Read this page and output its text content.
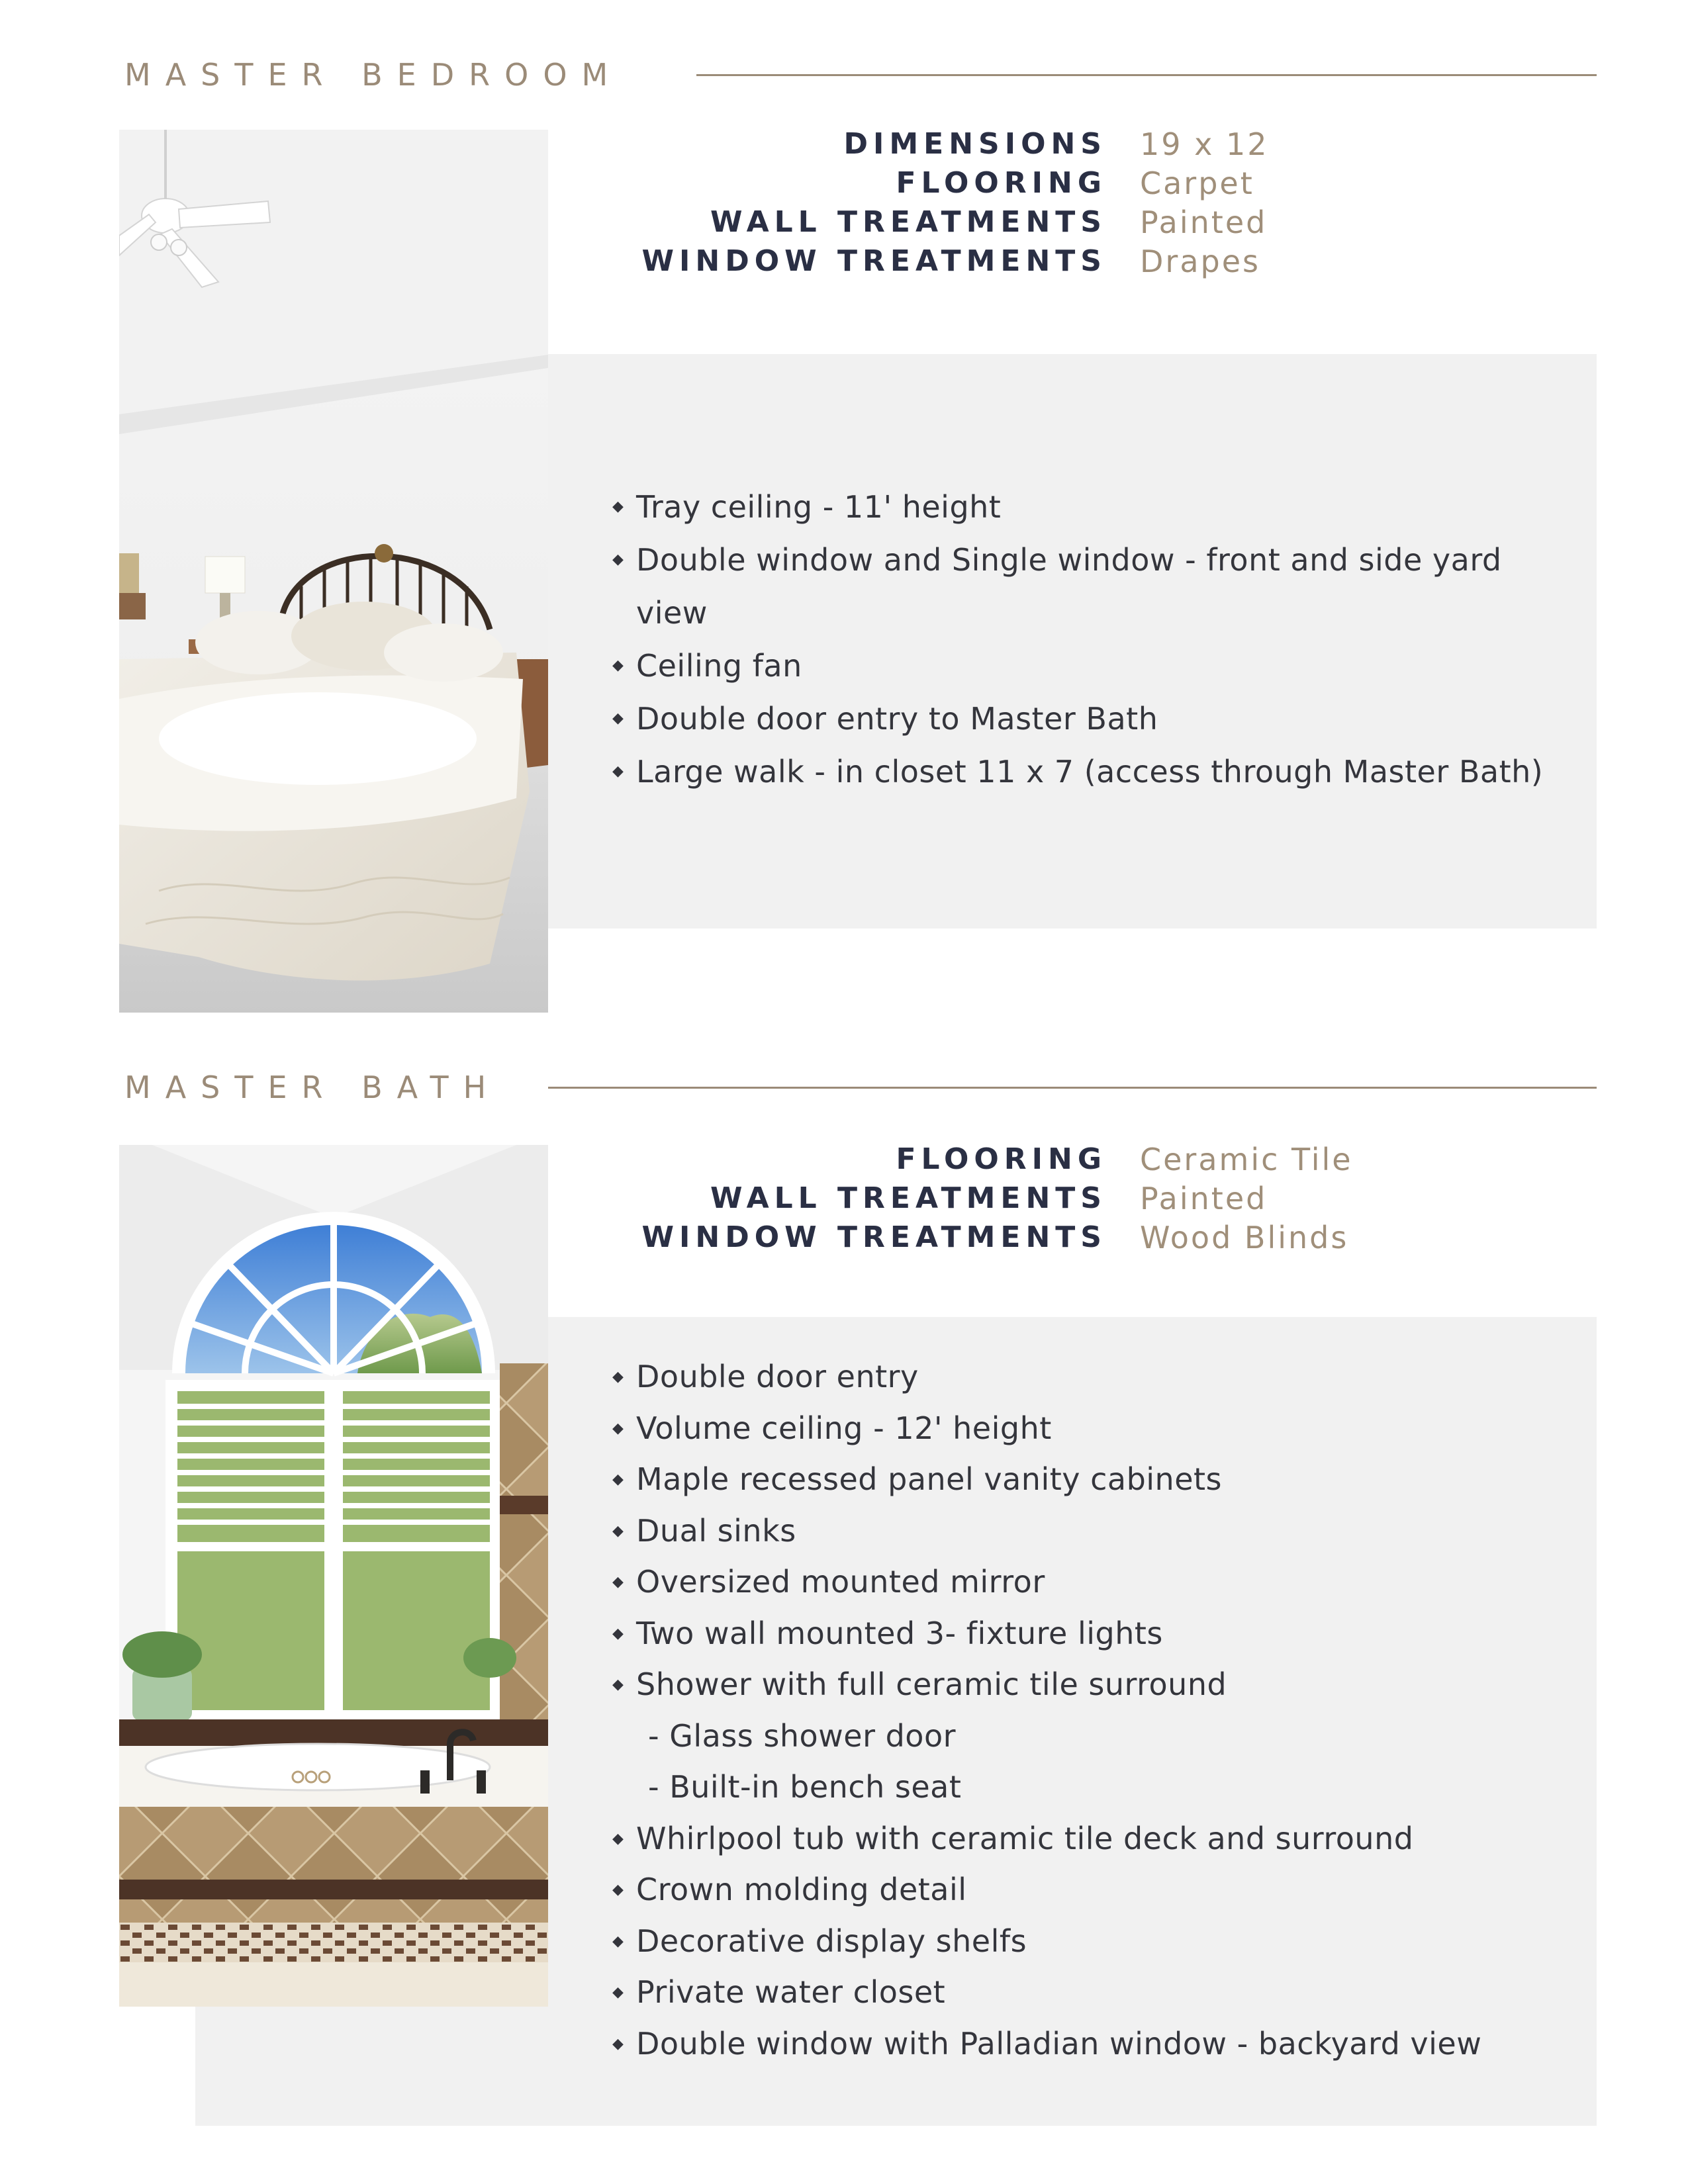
MASTER BEDROOM
DIMENSIONS 19 x 12
FLOORING Carpet
WALL TREATMENTS Painted
WINDOW TREATMENTS Drapes
◆ Tray ceiling - 11' height
◆ Double window and Single window - front and side yard
view
◆ Ceiling fan
◆ Double door entry to Master Bath
◆ Large walk - in closet 11 x 7 (access through Master Bath)
MASTER BATH
FLOORING Ceramic Tile
WALL TREATMENTS Painted
WINDOW TREATMENTS Wood Blinds
◆ Double door entry
◆ Volume ceiling - 12' height
◆ Maple recessed panel vanity cabinets
◆ Dual sinks
◆ Oversized mounted mirror
◆ Two wall mounted 3- fixture lights
◆ Shower with full ceramic tile surround
- Glass shower door
- Built-in bench seat
◆ Whirlpool tub with ceramic tile deck and surround
◆ Crown molding detail
◆ Decorative display shelfs
◆ Private water closet
◆ Double window with Palladian window - backyard view
